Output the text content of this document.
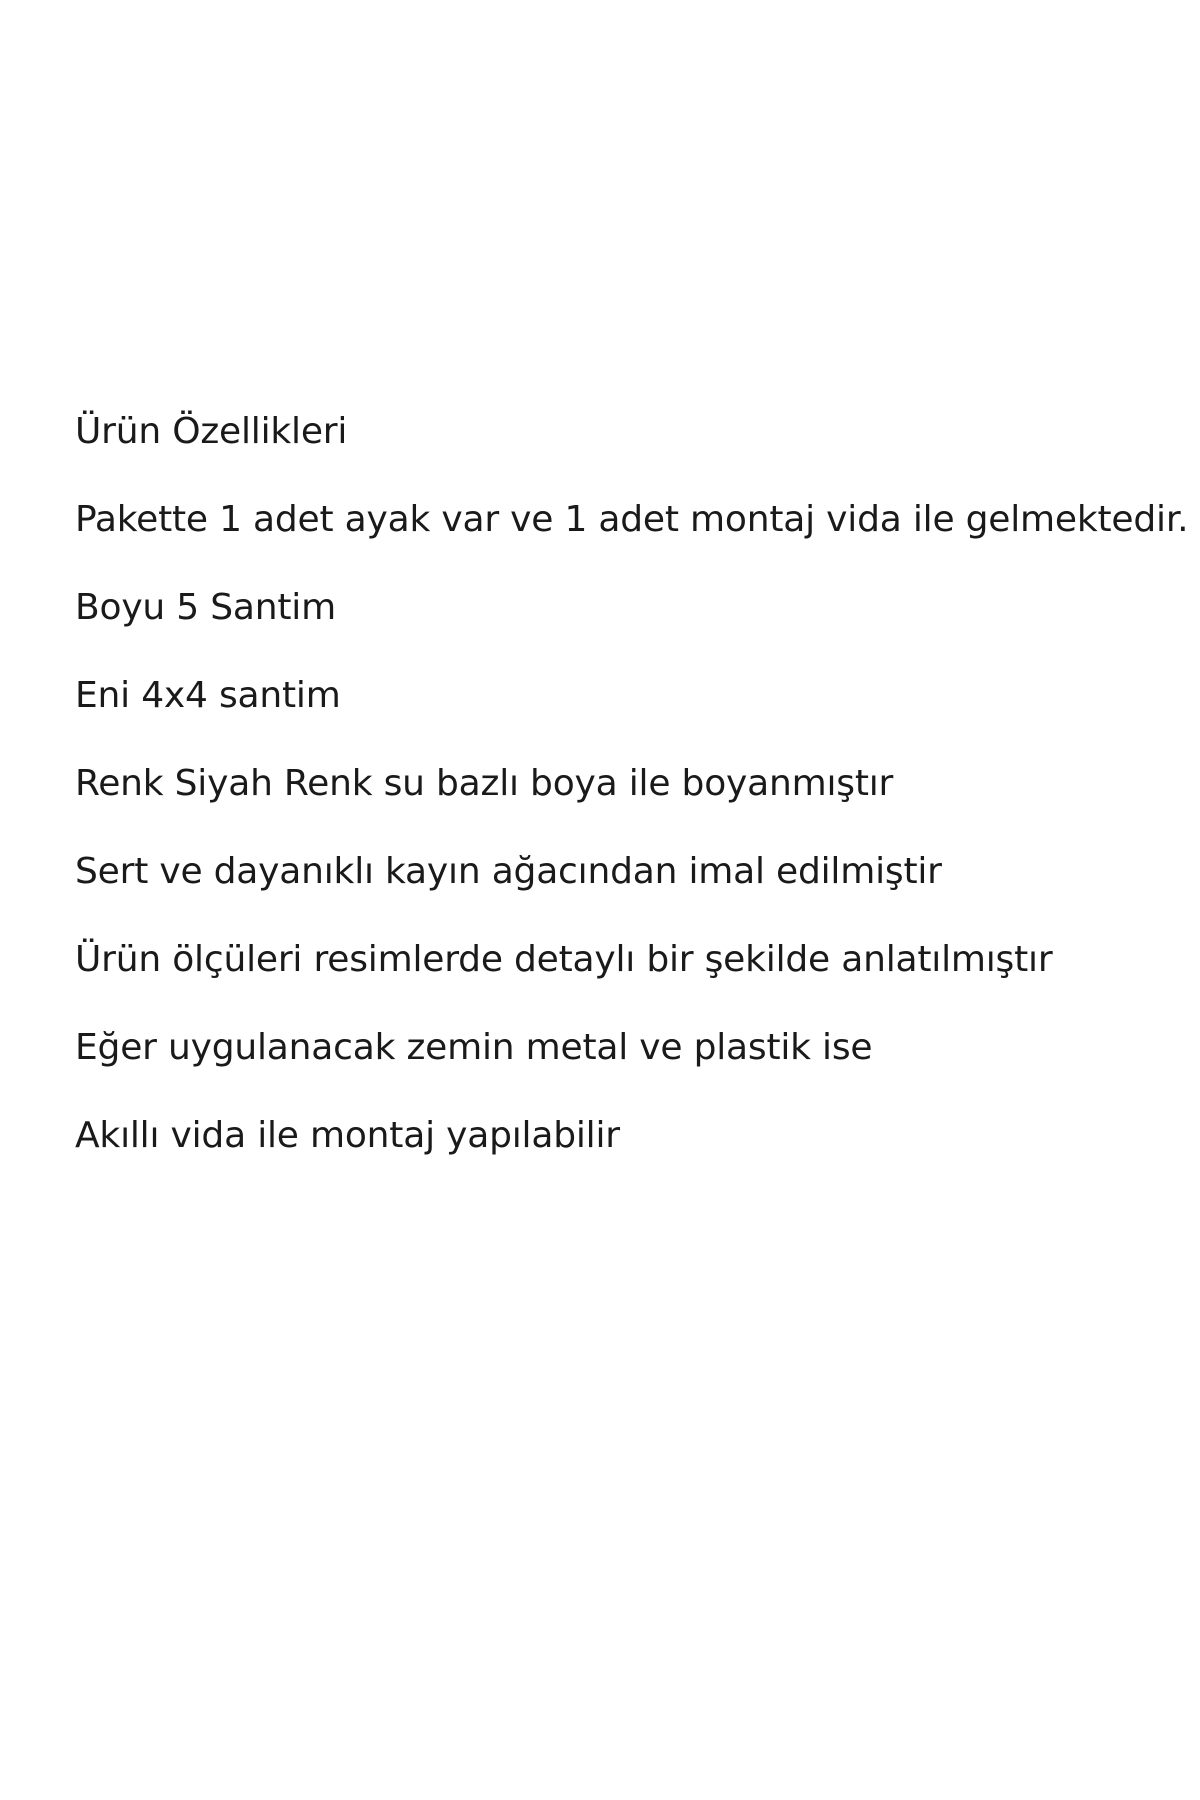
Ürün Özellikleri
Pakette 1 adet ayak var ve 1 adet montaj vida ile gelmektedir.
Boyu 5 Santim
Eni 4x4 santim
Renk Siyah Renk su bazlı boya ile boyanmıştır
Sert ve dayanıklı kayın ağacından imal edilmiştir
Ürün ölçüleri resimlerde detaylı bir şekilde anlatılmıştır
Eğer uygulanacak zemin metal ve plastik ise
Akıllı vida ile montaj yapılabilir
